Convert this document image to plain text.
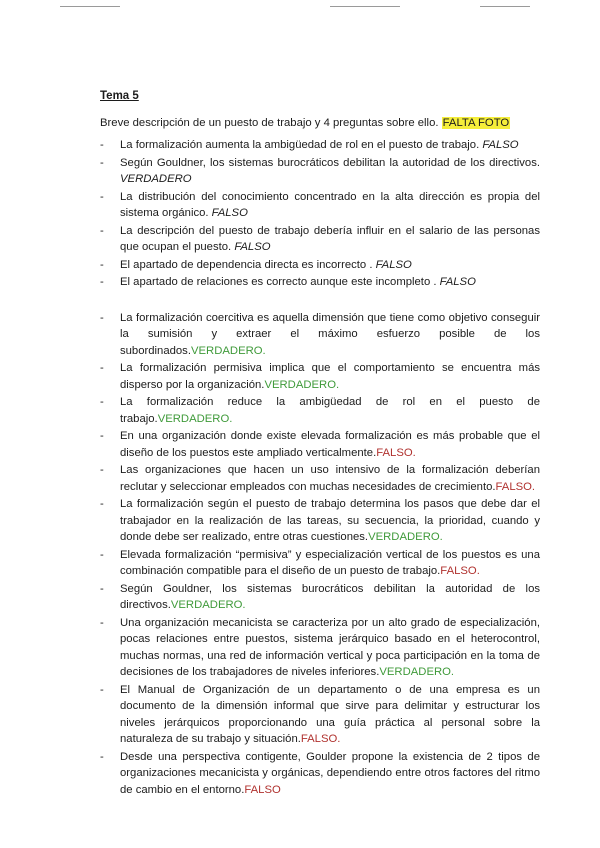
Tema 5
Breve descripción de un puesto de trabajo y 4 preguntas sobre ello. FALTA FOTO
- La formalización aumenta la ambigüedad de rol en el puesto de trabajo. FALSO
- Según Gouldner, los sistemas burocráticos debilitan la autoridad de los directivos. VERDADERO
- La distribución del conocimiento concentrado en la alta dirección es propia del sistema orgánico. FALSO
- La descripción del puesto de trabajo debería influir en el salario de las personas que ocupan el puesto. FALSO
- El apartado de dependencia directa es incorrecto . FALSO
- El apartado de relaciones es correcto aunque este incompleto . FALSO
- La formalización coercitiva es aquella dimensión que tiene como objetivo conseguir la sumisión y extraer el máximo esfuerzo posible de los subordinados.VERDADERO.
- La formalización permisiva implica que el comportamiento se encuentra más disperso por la organización.VERDADERO.
- La formalización reduce la ambigüedad de rol en el puesto de trabajo.VERDADERO.
- En una organización donde existe elevada formalización es más probable que el diseño de los puestos este ampliado verticalmente.FALSO.
- Las organizaciones que hacen un uso intensivo de la formalización deberían reclutar y seleccionar empleados con muchas necesidades de crecimiento.FALSO.
- La formalización según el puesto de trabajo determina los pasos que debe dar el trabajador en la realización de las tareas, su secuencia, la prioridad, cuando y donde debe ser realizado, entre otras cuestiones.VERDADERO.
- Elevada formalización “permisiva” y especialización vertical de los puestos es una combinación compatible para el diseño de un puesto de trabajo.FALSO.
- Según Gouldner, los sistemas burocráticos debilitan la autoridad de los directivos.VERDADERO.
- Una organización mecanicista se caracteriza por un alto grado de especialización, pocas relaciones entre puestos, sistema jerárquico basado en el heterocontrol, muchas normas, una red de información vertical y poca participación en la toma de decisiones de los trabajadores de niveles inferiores.VERDADERO.
- El Manual de Organización de un departamento o de una empresa es un documento de la dimensión informal que sirve para delimitar y estructurar los niveles jerárquicos proporcionando una guía práctica al personal sobre la naturaleza de su trabajo y situación.FALSO.
- Desde una perspectiva contigente, Goulder propone la existencia de 2 tipos de organizaciones mecanicista y orgánicas, dependiendo entre otros factores del ritmo de cambio en el entorno.FALSO
